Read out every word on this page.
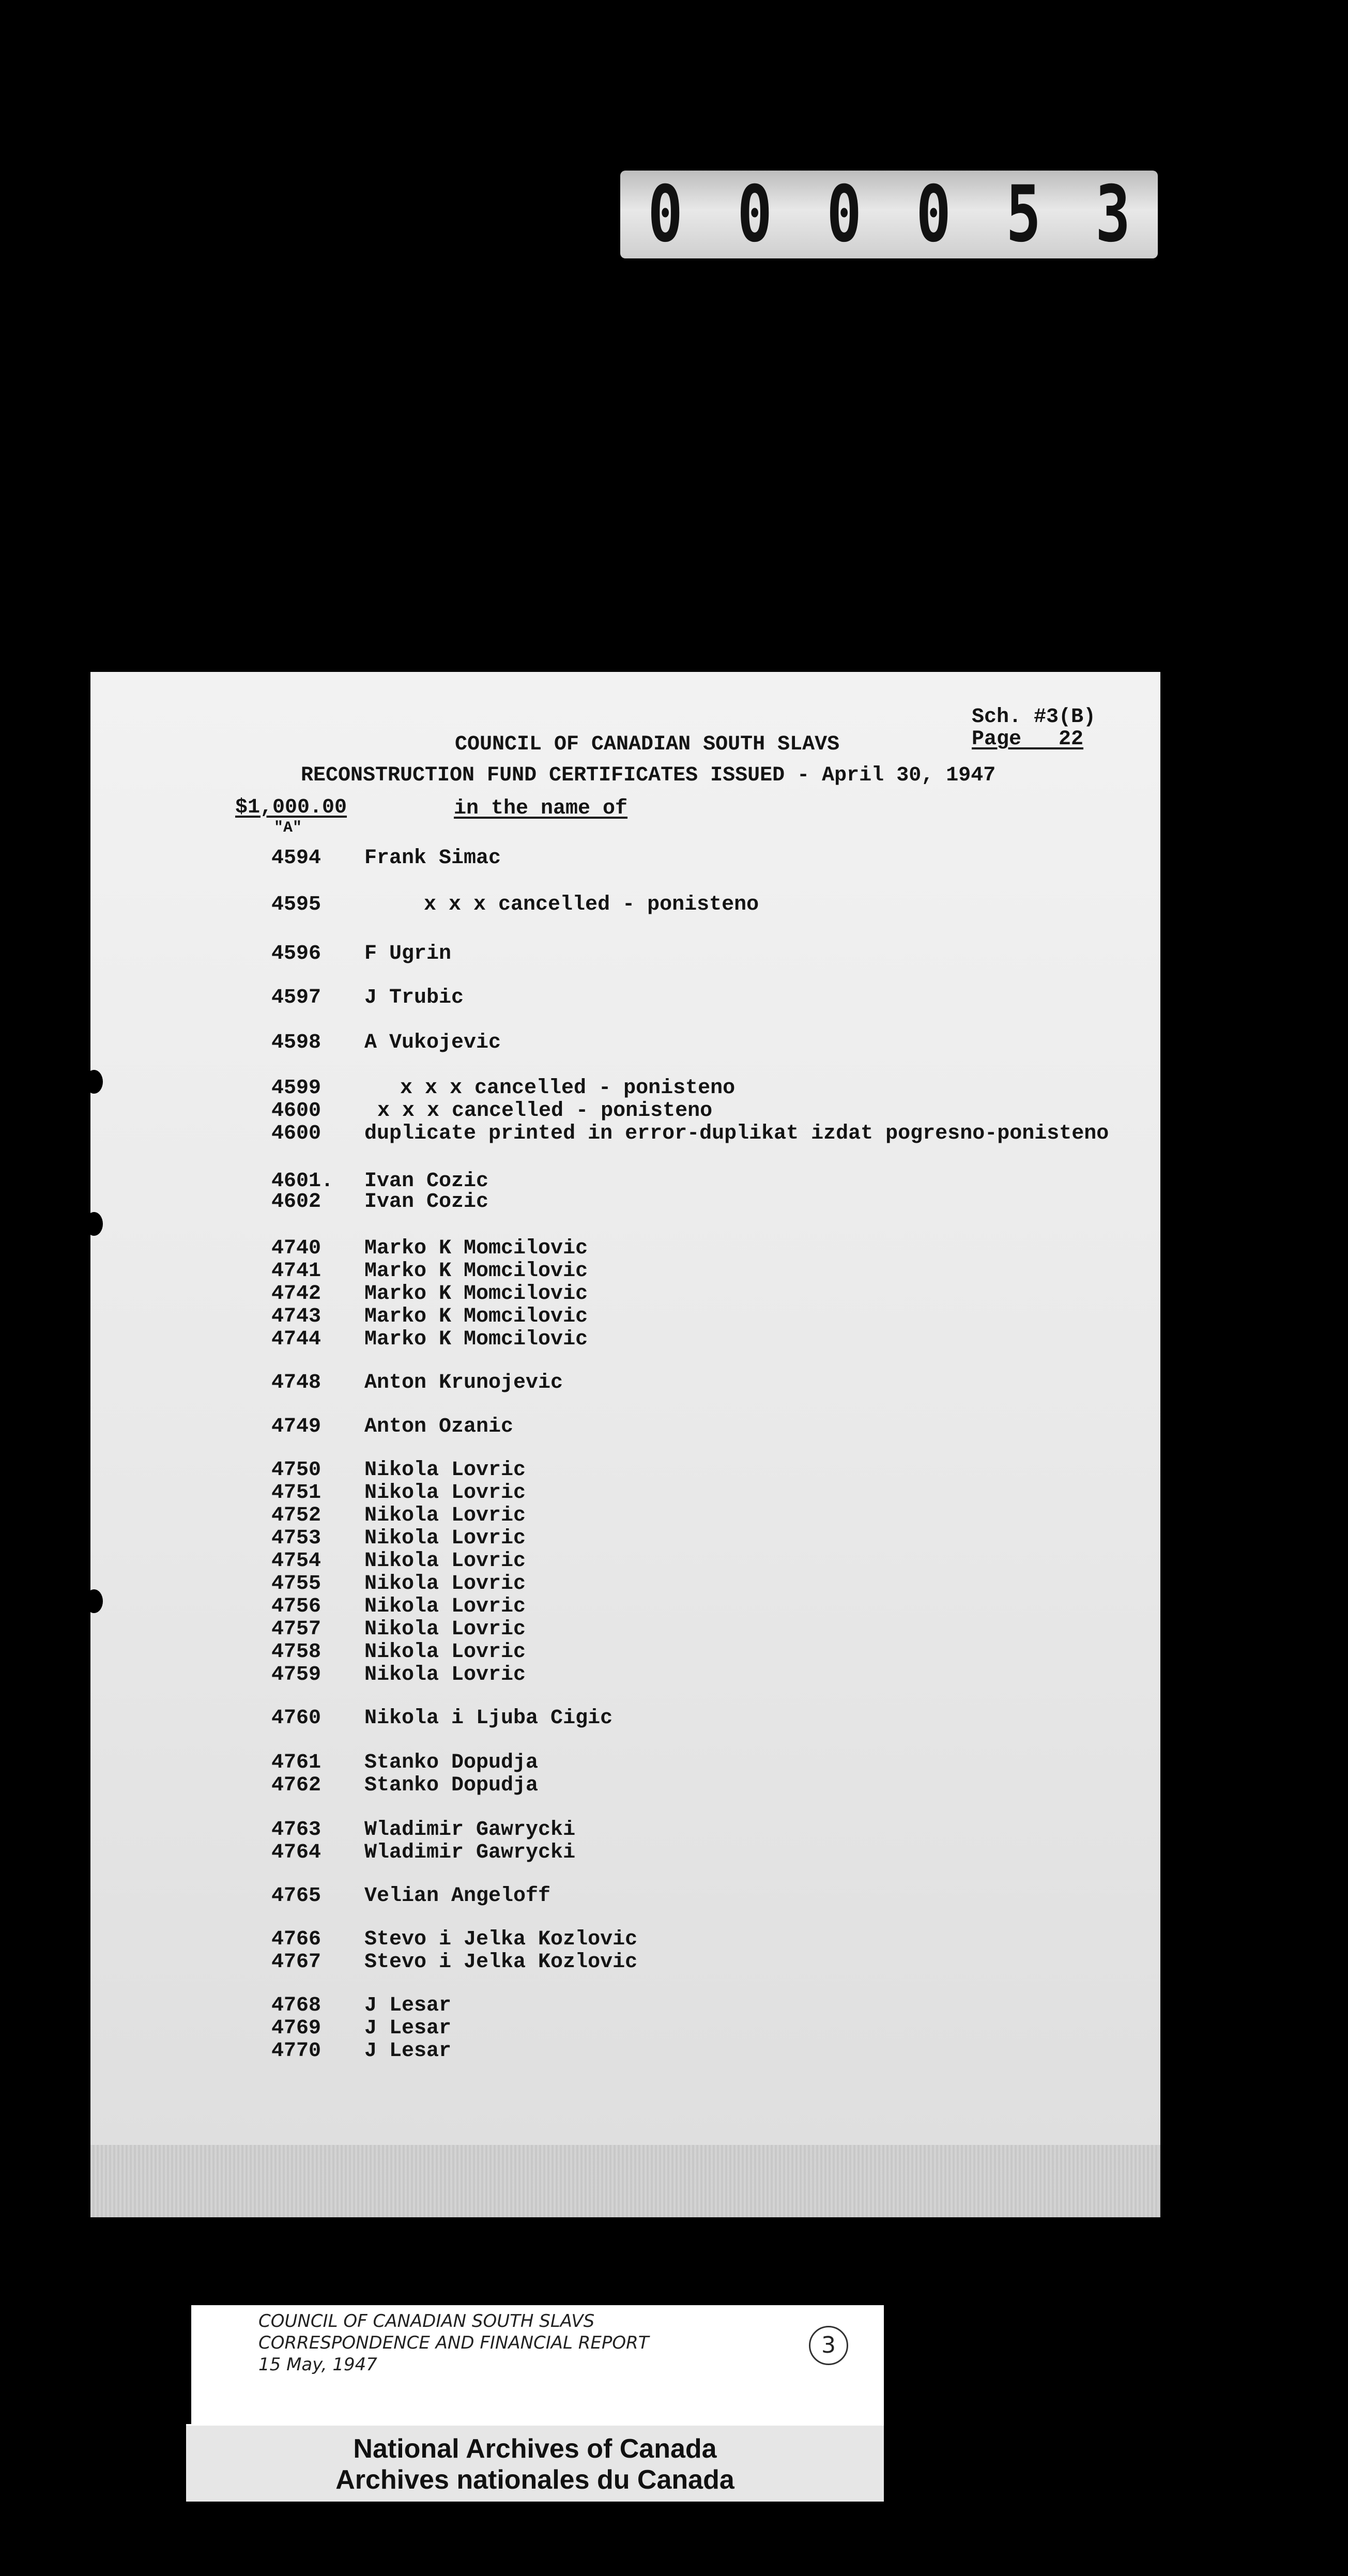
0 0 0 0 5 3
Sch. #3(B)
Page   22
COUNCIL OF CANADIAN SOUTH SLAVS
RECONSTRUCTION FUND CERTIFICATES ISSUED - April 30, 1947
$1,000.00
"A"
in the name of
4594 Frank Simac
4595	x x x cancelled - ponisteno
4596 F Ugrin
4597 J Trubic
4598 A Vukojevic
4599	x x x cancelled - ponisteno
4600	x x x cancelled - ponisteno
4600 duplicate printed in error-duplikat izdat pogresno-ponisteno
4601. Ivan Cozic
4602 Ivan Cozic
4740 Marko K Momcilovic
4741 Marko K Momcilovic
4742 Marko K Momcilovic
4743 Marko K Momcilovic
4744 Marko K Momcilovic
4748 Anton Krunojevic
4749 Anton Ozanic
4750 Nikola Lovric
4751 Nikola Lovric
4752 Nikola Lovric
4753 Nikola Lovric
4754 Nikola Lovric
4755 Nikola Lovric
4756 Nikola Lovric
4757 Nikola Lovric
4758 Nikola Lovric
4759 Nikola Lovric
4760 Nikola i Ljuba Cigic
4761 Stanko Dopudja
4762 Stanko Dopudja
4763 Wladimir Gawrycki
4764 Wladimir Gawrycki
4765 Velian Angeloff
4766 Stevo i Jelka Kozlovic
4767 Stevo i Jelka Kozlovic
4768 J Lesar
4769 J Lesar
4770 J Lesar
COUNCIL OF CANADIAN SOUTH SLAVS
CORRESPONDENCE AND FINANCIAL REPORT
15 May, 1947
3
National Archives of Canada
Archives nationales du Canada
